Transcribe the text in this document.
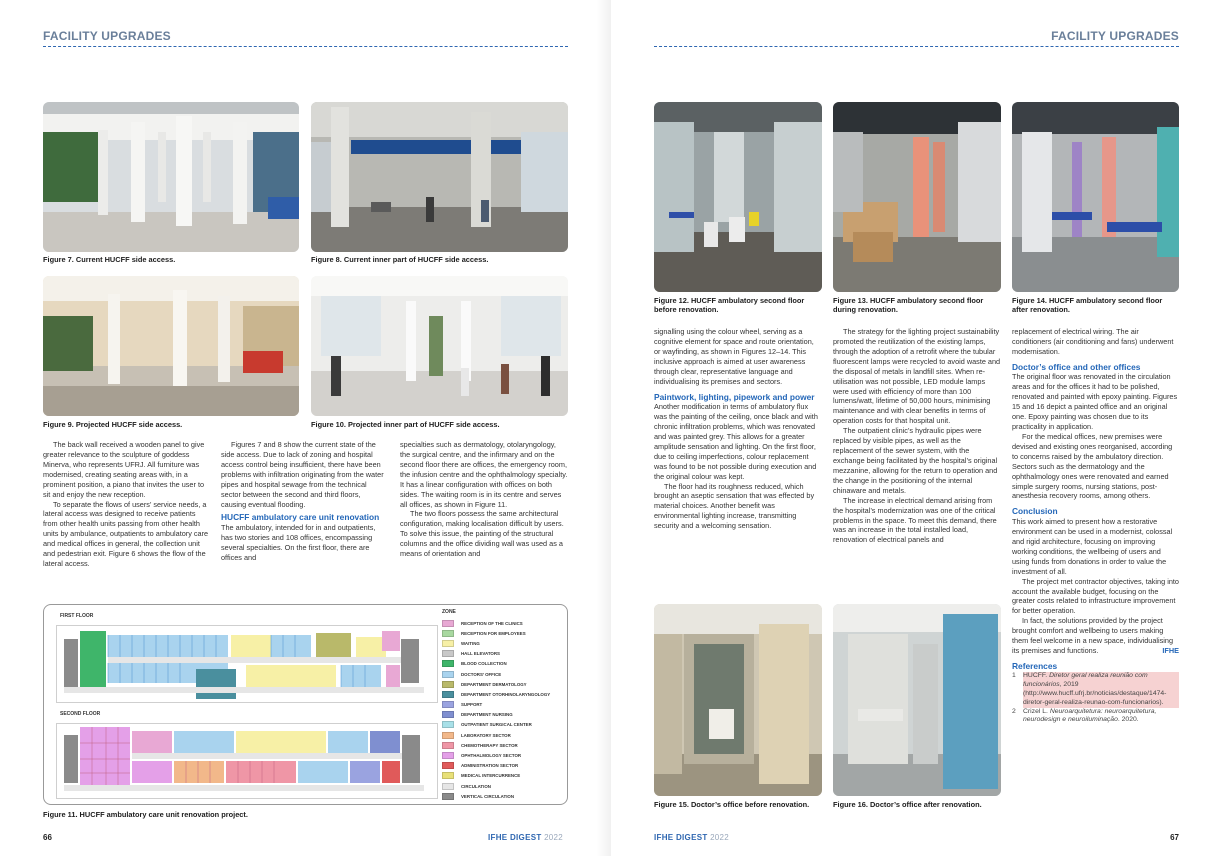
FACILITY UPGRADES
Figure 7. Current HUCFF side access.	Figure 8. Current inner part of HUCFF side access.
Figure 9. Projected HUCFF side access.	Figure 10. Projected inner part of HUCFF side access.

The back wall received a wooden panel to give greater relevance to the sculpture of goddess Minerva, who represents UFRJ. All furniture was modernised, creating seating areas with, in a prominent position, a piano that invites the user to sit and enjoy the new reception.

To separate the flows of users’ service needs, a lateral access was designed to receive patients from other health units passing from other health units by ambulance, outpatients to ambulatory care and medical offices in general, the collection unit and pedestrian exit. Figure 6 shows the flow of the lateral access.

Figures 7 and 8 show the current state of the side access. Due to lack of zoning and hospital access control being insufficient, there have been problems with infiltration originating from the water pipes and hospital sewage from the technical sector between the second and third floors, causing eventual flooding.

HUCFF ambulatory care unit renovation

The ambulatory, intended for in and outpatients, has two stories and 108 offices, encompassing several specialties. On the first floor, there are offices and

specialties such as dermatology, otolaryngology, the surgical centre, and the infirmary and on the second floor there are offices, the emergency room, the infusion centre and the ophthalmology specialty. It has a linear configuration with offices on both sides. The waiting room is in its centre and serves all offices, as shown in Figure 11.

The two floors possess the same architectural configuration, making localisation difficult by users. To solve this issue, the painting of the structural columns and the office dividing wall was used as a means of orientation and

FIRST FLOOR
SECOND FLOOR
ZONE
RECEPTION OF THE CLINICS
RECEPTION FOR EMPLOYEES
WAITING
HALL ELEVATORS
BLOOD COLLECTION
DOCTORS’ OFFICE
DEPARTMENT DERMATOLOGY
DEPARTMENT OTORHINOLARYNGOLOGY
SUPPORT
DEPARTMENT NURSING
OUTPATIENT SURGICAL CENTER
LABORATORY SECTOR
CHEMOTHERAPY SECTOR
OPHTHALMOLOGY SECTOR
ADMINISTRATION SECTOR
MEDICAL INTERCURRENCE
CIRCULATION
VERTICAL CIRCULATION
Figure 11. HUCFF ambulatory care unit renovation project.
66	IFHE DIGEST 2022
FACILITY UPGRADES
Figure 12. HUCFF ambulatory second floor before renovation.
Figure 13. HUCFF ambulatory second floor during renovation.
Figure 14. HUCFF ambulatory second floor after renovation.

signalling using the colour wheel, serving as a cognitive element for space and route orientation, or wayfinding, as shown in Figures 12–14. This inclusive approach is aimed at user awareness through clear, representative language and individualising its premises and sectors.

Paintwork, lighting, pipework and power

Another modification in terms of ambulatory flux was the painting of the ceiling, once black and with chronic infiltration problems, which was renovated and was painted grey. This allows for a greater amplitude sensation and lighting. On the first floor, due to ceiling imperfections, colour replacement was found to be not possible during execution and the original colour was kept.

The floor had its roughness reduced, which brought an aseptic sensation that was effected by material choices. Another benefit was environmental lighting increase, transmitting security and a welcoming sensation.

The strategy for the lighting project sustainability promoted the reutilization of the existing lamps, through the adoption of a retrofit where the tubular fluorescent lamps were recycled to avoid waste and the disposal of metals in landfill sites. When re-utilisation was not possible, LED module lamps were used with efficiency of more than 100 lumens/watt, lifetime of 50,000 hours, minimising maintenance and with clear benefits in terms of operation costs for that hospital unit.

The outpatient clinic’s hydraulic pipes were replaced by visible pipes, as well as the replacement of the sewer system, with the exchange being facilitated by the hospital’s original mezzanine, allowing for the return to operation and the change in the positioning of the internal chinaware and metals.

The increase in electrical demand arising from the hospital’s modernization was one of the critical problems in the space. To meet this demand, there was an increase in the total installed load, renovation of electrical panels and

replacement of electrical wiring. The air conditioners (air conditioning and fans) underwent modernisation.

Doctor’s office and other offices

The original floor was renovated in the circulation areas and for the offices it had to be polished, renovated and painted with epoxy painting. Figures 15 and 16 depict a painted office and an original one. Epoxy painting was chosen due to its practicality in application.

For the medical offices, new premises were devised and existing ones reorganised, according to concerns raised by the ambulatory direction. Sectors such as the dermatology and the ophthalmology ones were renovated and earned simple surgery rooms, nursing stations, post-anesthesia recovery rooms, among others.

Conclusion

This work aimed to present how a restorative environment can be used in a modernist, colossal and rigid architecture, focusing on improving working conditions, the wellbeing of users and using funds from donations in order to value the investment of all.

The project met contractor objectives, taking into account the available budget, focusing on the greater costs related to infrastructure improvement for better operation.

In fact, the solutions provided by the project brought comfort and wellbeing to users making them feel welcome in a new space, individualising its premises and functions.	IFHE

References
1	HUCFF. Diretor geral realiza reunião com funcionários, 2019 (http://www.hucff.ufrj.br/noticias/destaque/1474-diretor-geral-realiza-reunao-com-funcionarios).
2	Crizel L. Neuroarquitetura: neuroarquitetura, neurodesign e neuroiluminação. 2020.
Figure 15. Doctor’s office before renovation.	Figure 16. Doctor’s office after renovation.
IFHE DIGEST 2022	67
